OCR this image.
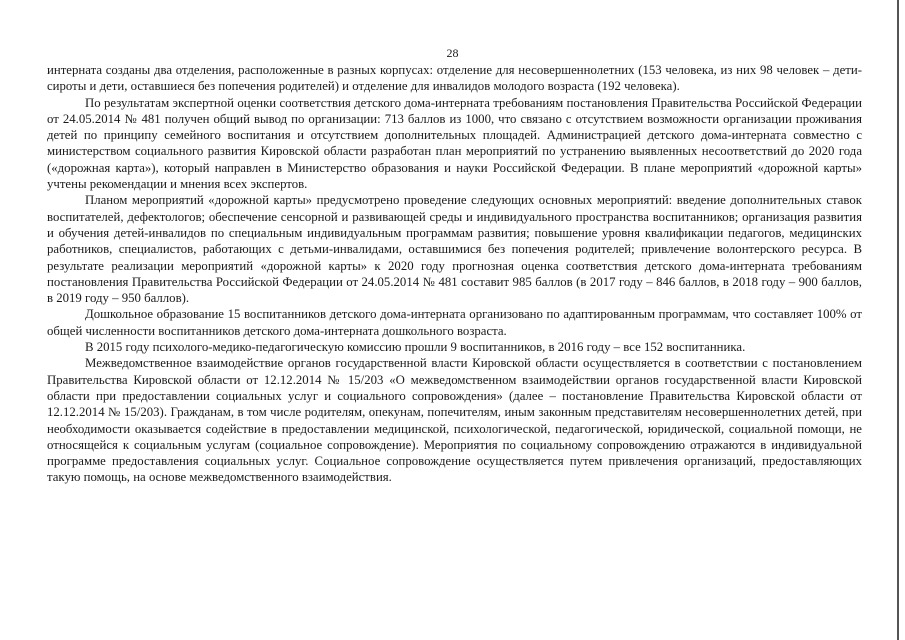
28

интерната созданы два отделения, расположенные в разных корпусах: отделение для несовершеннолетних (153 человека, из них 98 человек – дети-сироты и дети, оставшиеся без попечения родителей) и отделение для инвалидов молодого возраста (192 человека).

По результатам экспертной оценки соответствия детского дома-интерната требованиям постановления Правительства Российской Федерации от 24.05.2014 № 481 получен общий вывод по организации: 713 баллов из 1000, что связано с отсутствием возможности организации проживания детей по принципу семейного воспитания и отсутствием дополнительных площадей. Администрацией детского дома-интерната совместно с министерством социального развития Кировской области разработан план мероприятий по устранению выявленных несоответствий до 2020 года («дорожная карта»), который направлен в Министерство образования и науки Российской Федерации. В плане мероприятий «дорожной карты» учтены рекомендации и мнения всех экспертов.

Планом мероприятий «дорожной карты» предусмотрено проведение следующих основных мероприятий: введение дополнительных ставок воспитателей, дефектологов; обеспечение сенсорной и развивающей среды и индивидуального пространства воспитанников; организация развития и обучения детей-инвалидов по специальным индивидуальным программам развития; повышение уровня квалификации педагогов, медицинских работников, специалистов, работающих с детьми-инвалидами, оставшимися без попечения родителей; привлечение волонтерского ресурса. В результате реализации мероприятий «дорожной карты» к 2020 году прогнозная оценка соответствия детского дома-интерната требованиям постановления Правительства Российской Федерации от 24.05.2014 № 481 составит 985 баллов (в 2017 году – 846 баллов, в 2018 году – 900 баллов, в 2019 году – 950 баллов).

Дошкольное образование 15 воспитанников детского дома-интерната организовано по адаптированным программам, что составляет 100% от общей численности воспитанников детского дома-интерната дошкольного возраста.

В 2015 году психолого-медико-педагогическую комиссию прошли 9 воспитанников, в 2016 году – все 152 воспитанника.

Межведомственное взаимодействие органов государственной власти Кировской области осуществляется в соответствии с постановлением Правительства Кировской области от 12.12.2014 № 15/203 «О межведомственном взаимодействии органов государственной власти Кировской области при предоставлении социальных услуг и социального сопровождения» (далее – постановление Правительства Кировской области от 12.12.2014 № 15/203). Гражданам, в том числе родителям, опекунам, попечителям, иным законным представителям несовершеннолетних детей, при необходимости оказывается содействие в предоставлении медицинской, психологической, педагогической, юридической, социальной помощи, не относящейся к социальным услугам (социальное сопровождение). Мероприятия по социальному сопровождению отражаются в индивидуальной программе предоставления социальных услуг. Социальное сопровождение осуществляется путем привлечения организаций, предоставляющих такую помощь, на основе межведомственного взаимодействия.
